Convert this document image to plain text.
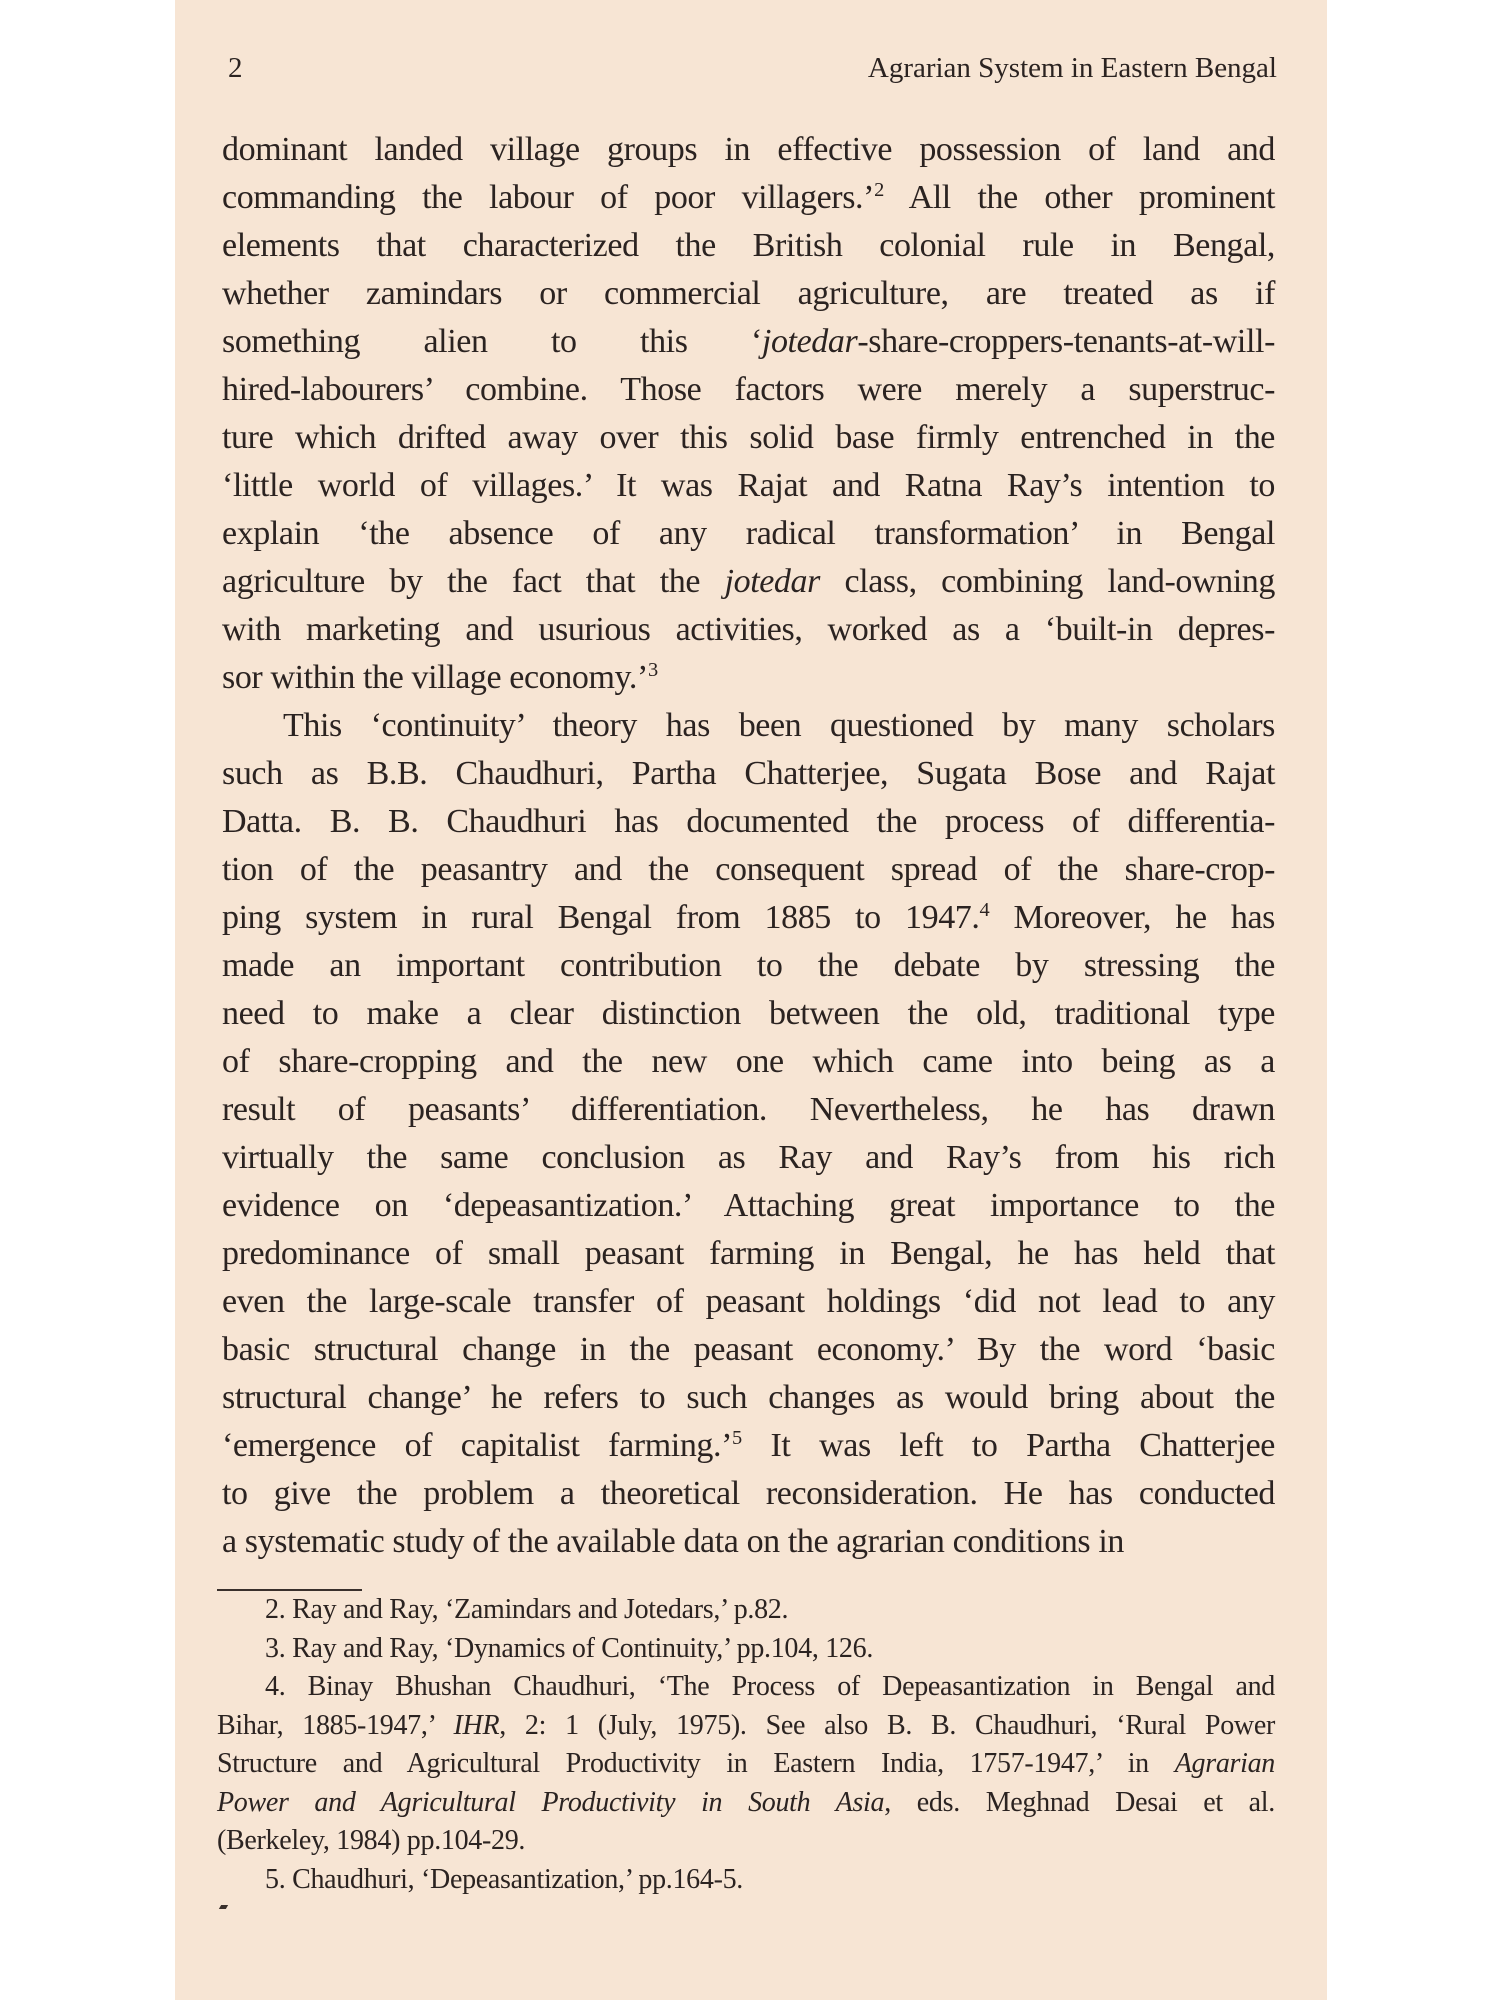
2	Agrarian System in Eastern Bengal
dominant landed village groups in effective possession of land and
commanding the labour of poor villagers.’$^2$ All the other prominent
elements that characterized the British colonial rule in Bengal,
whether zamindars or commercial agriculture, are treated as if
something alien to this ‘jotedar-share-croppers-tenants-at-will-
hired-labourers’ combine. Those factors were merely a superstruc-
ture which drifted away over this solid base firmly entrenched in the
‘little world of villages.’ It was Rajat and Ratna Ray’s intention to
explain ‘the absence of any radical transformation’ in Bengal
agriculture by the fact that the jotedar class, combining land-owning
with marketing and usurious activities, worked as a ‘built-in depres-
sor within the village economy.’$^3$
This ‘continuity’ theory has been questioned by many scholars
such as B.B. Chaudhuri, Partha Chatterjee, Sugata Bose and Rajat
Datta. B. B. Chaudhuri has documented the process of differentia-
tion of the peasantry and the consequent spread of the share-crop-
ping system in rural Bengal from 1885 to 1947.$^4$ Moreover, he has
made an important contribution to the debate by stressing the
need to make a clear distinction between the old, traditional type
of share-cropping and the new one which came into being as a
result of peasants’ differentiation. Nevertheless, he has drawn
virtually the same conclusion as Ray and Ray’s from his rich
evidence on ‘depeasantization.’ Attaching great importance to the
predominance of small peasant farming in Bengal, he has held that
even the large-scale transfer of peasant holdings ‘did not lead to any
basic structural change in the peasant economy.’ By the word ‘basic
structural change’ he refers to such changes as would bring about the
‘emergence of capitalist farming.’$^5$ It was left to Partha Chatterjee
to give the problem a theoretical reconsideration. He has conducted
a systematic study of the available data on the agrarian conditions in
2. Ray and Ray, ‘Zamindars and Jotedars,’ p.82.
3. Ray and Ray, ‘Dynamics of Continuity,’ pp.104, 126.
4. Binay Bhushan Chaudhuri, ‘The Process of Depeasantization in Bengal and
Bihar, 1885-1947,’ IHR, 2: 1 (July, 1975). See also B. B. Chaudhuri, ‘Rural Power
Structure and Agricultural Productivity in Eastern India, 1757-1947,’ in Agrarian
Power and Agricultural Productivity in South Asia, eds. Meghnad Desai et al.
(Berkeley, 1984) pp.104-29.
5. Chaudhuri, ‘Depeasantization,’ pp.164-5.
